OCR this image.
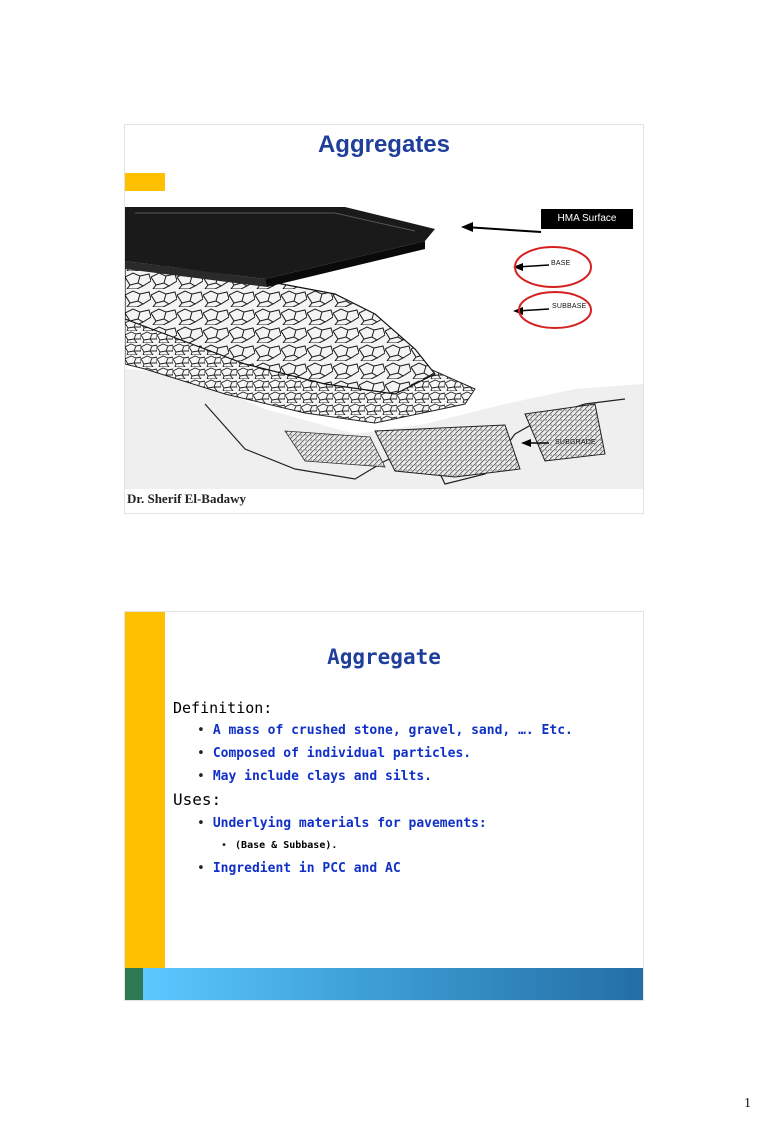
Aggregates
HMA Surface
BASE
SUBBASE
SUBGRADE
Dr. Sherif El-Badawy
Aggregate

Definition:

• A mass of crushed stone, gravel, sand, …. Etc.

• Composed of individual particles.

• May include clays and silts.

Uses:

• Underlying materials for pavements:

• (Base & Subbase).

• Ingredient in PCC and AC

1
